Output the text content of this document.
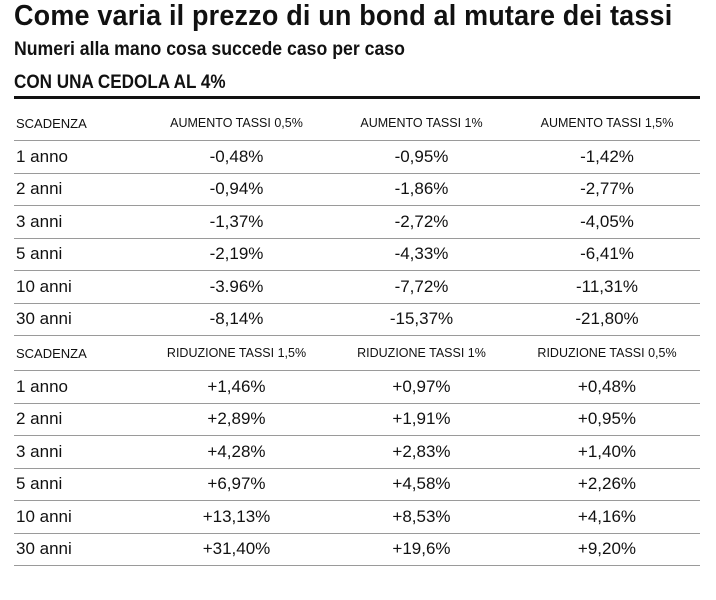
Come varia il prezzo di un bond al mutare dei tassi
Numeri alla mano cosa succede caso per caso
CON UNA CEDOLA AL 4%
SCADENZA	AUMENTO TASSI 0,5%	AUMENTO TASSI 1%	AUMENTO TASSI 1,5%
1 anno	-0,48%	-0,95%	-1,42%
2 anni	-0,94%	-1,86%	-2,77%
3 anni	-1,37%	-2,72%	-4,05%
5 anni	-2,19%	-4,33%	-6,41%
10 anni	-3.96%	-7,72%	-11,31%
30 anni	-8,14%	-15,37%	-21,80%
SCADENZA	RIDUZIONE TASSI 1,5%	RIDUZIONE TASSI 1%	RIDUZIONE TASSI 0,5%
1 anno	+1,46%	+0,97%	+0,48%
2 anni	+2,89%	+1,91%	+0,95%
3 anni	+4,28%	+2,83%	+1,40%
5 anni	+6,97%	+4,58%	+2,26%
10 anni	+13,13%	+8,53%	+4,16%
30 anni	+31,40%	+19,6%	+9,20%
